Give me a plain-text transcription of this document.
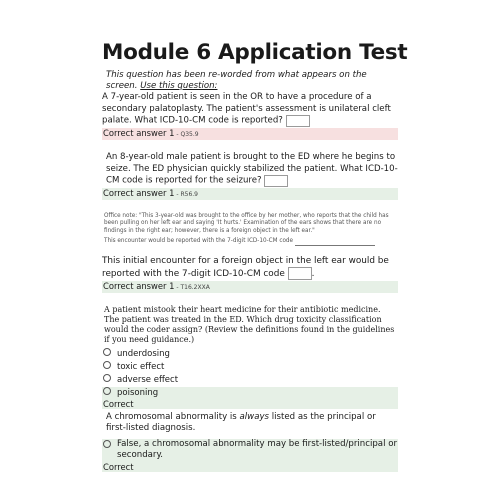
Module 6 Application Test
This question has been re-worded from what appears on the screen. Use this question:
A 7-year-old patient is seen in the OR to have a procedure of a secondary palatoplasty. The patient's assessment is unilateral cleft palate. What ICD-10-CM code is reported?
Correct answer 1 - Q35.9
An 8-year-old male patient is brought to the ED where he begins to seize. The ED physician quickly stabilized the patient. What ICD-10-CM code is reported for the seizure?
Correct answer 1 - R56.9
Office note: "This 3-year-old was brought to the office by her mother, who reports that the child has been pulling on her left ear and saying 'It hurts.' Examination of the ears shows that there are no findings in the right ear; however, there is a foreign object in the left ear."
This encounter would be reported with the 7-digit ICD-10-CM code
This initial encounter for a foreign object in the left ear would be reported with the 7-digit ICD-10-CM code	.
Correct answer 1 - T16.2XXA
A patient mistook their heart medicine for their antibiotic medicine. The patient was treated in the ED. Which drug toxicity classification would the coder assign? (Review the definitions found in the guidelines if you need guidance.)
underdosing
toxic effect
adverse effect
poisoning
Correct
A chromosomal abnormality is always listed as the principal or first-listed diagnosis.
False, a chromosomal abnormality may be first-listed/principal or secondary.
Correct
